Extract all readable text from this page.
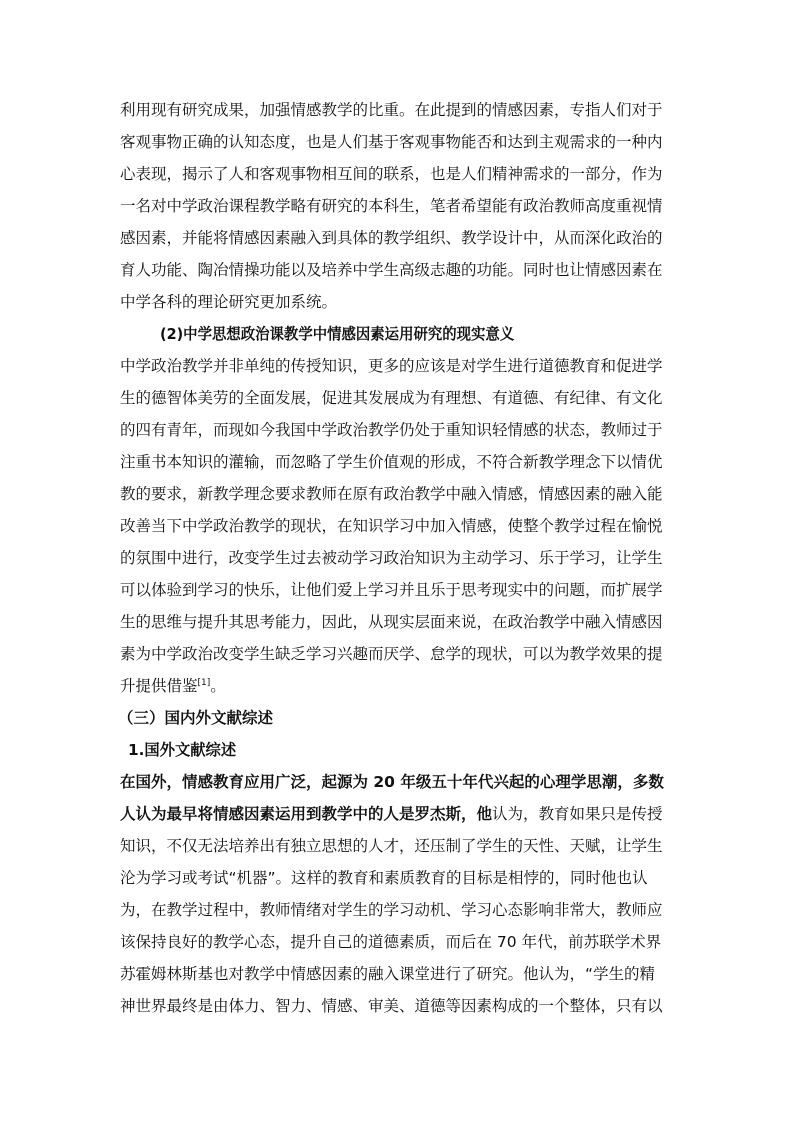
利用现有研究成果，加强情感教学的比重。在此提到的情感因素，专指人们对于
客观事物正确的认知态度，也是人们基于客观事物能否和达到主观需求的一种内
心表现，揭示了人和客观事物相互间的联系，也是人们精神需求的一部分，作为
一名对中学政治课程教学略有研究的本科生，笔者希望能有政治教师高度重视情
感因素，并能将情感因素融入到具体的教学组织、教学设计中，从而深化政治的
育人功能、陶冶情操功能以及培养中学生高级志趣的功能。同时也让情感因素在
中学各科的理论研究更加系统。
(2)中学思想政治课教学中情感因素运用研究的现实意义
中学政治教学并非单纯的传授知识，更多的应该是对学生进行道德教育和促进学
生的德智体美劳的全面发展，促进其发展成为有理想、有道德、有纪律、有文化
的四有青年，而现如今我国中学政治教学仍处于重知识轻情感的状态，教师过于
注重书本知识的灌输，而忽略了学生价值观的形成，不符合新教学理念下以情优
教的要求，新教学理念要求教师在原有政治教学中融入情感，情感因素的融入能
改善当下中学政治教学的现状，在知识学习中加入情感，使整个教学过程在愉悦
的氛围中进行，改变学生过去被动学习政治知识为主动学习、乐于学习，让学生
可以体验到学习的快乐，让他们爱上学习并且乐于思考现实中的问题，而扩展学
生的思维与提升其思考能力，因此，从现实层面来说，在政治教学中融入情感因
素为中学政治改变学生缺乏学习兴趣而厌学、怠学的现状，可以为教学效果的提
升提供借鉴[1]。
（三）国内外文献综述
1.国外文献综述
在国外，情感教育应用广泛，起源为 20 年级五十年代兴起的心理学思潮，多数
人认为最早将情感因素运用到教学中的人是罗杰斯，他认为，教育如果只是传授
知识，不仅无法培养出有独立思想的人才，还压制了学生的天性、天赋，让学生
沦为学习或考试“机器”。这样的教育和素质教育的目标是相悖的，同时他也认
为，在教学过程中，教师情绪对学生的学习动机、学习心态影响非常大，教师应
该保持良好的教学心态，提升自己的道德素质，而后在 70 年代，前苏联学术界
苏霍姆林斯基也对教学中情感因素的融入课堂进行了研究。他认为，“学生的精
神世界最终是由体力、智力、情感、审美、道德等因素构成的一个整体，只有以
